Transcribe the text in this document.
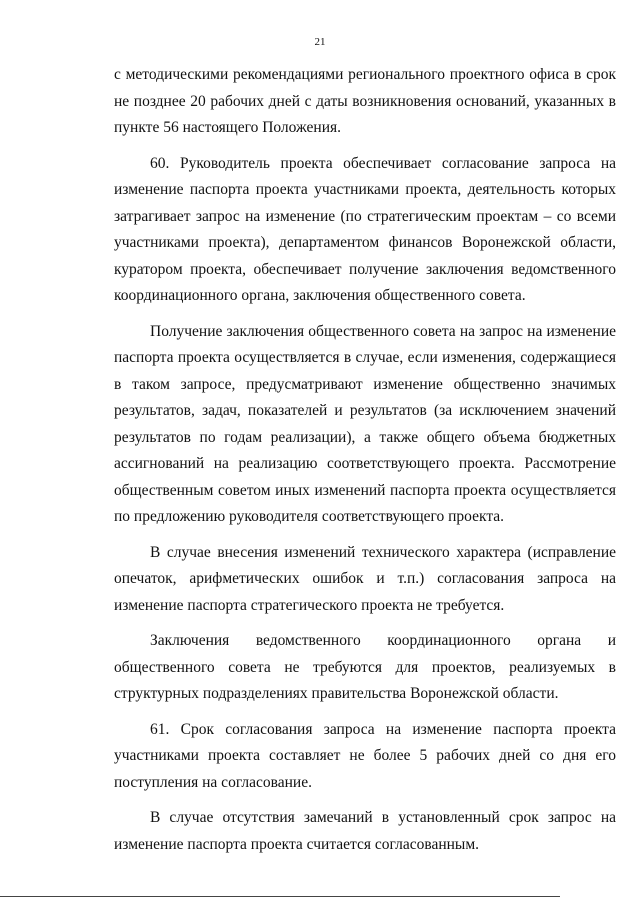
21

с методическими рекомендациями регионального проектного офиса в срок не позднее 20 рабочих дней с даты возникновения оснований, указанных в пункте 56 настоящего Положения.

60. Руководитель проекта обеспечивает согласование запроса на изменение паспорта проекта участниками проекта, деятельность которых затрагивает запрос на изменение (по стратегическим проектам – со всеми участниками проекта), департаментом финансов Воронежской области, куратором проекта, обеспечивает получение заключения ведомственного координационного органа, заключения общественного совета.

Получение заключения общественного совета на запрос на изменение паспорта проекта осуществляется в случае, если изменения, содержащиеся в таком запросе, предусматривают изменение общественно значимых результатов, задач, показателей и результатов (за исключением значений результатов по годам реализации), а также общего объема бюджетных ассигнований на реализацию соответствующего проекта. Рассмотрение общественным советом иных изменений паспорта проекта осуществляется по предложению руководителя соответствующего проекта.

В случае внесения изменений технического характера (исправление опечаток, арифметических ошибок и т.п.) согласования запроса на изменение паспорта стратегического проекта не требуется.

Заключения ведомственного координационного органа и общественного совета не требуются для проектов, реализуемых в структурных подразделениях правительства Воронежской области.

61. Срок согласования запроса на изменение паспорта проекта участниками проекта составляет не более 5 рабочих дней со дня его поступления на согласование.

В случае отсутствия замечаний в установленный срок запрос на изменение паспорта проекта считается согласованным.
